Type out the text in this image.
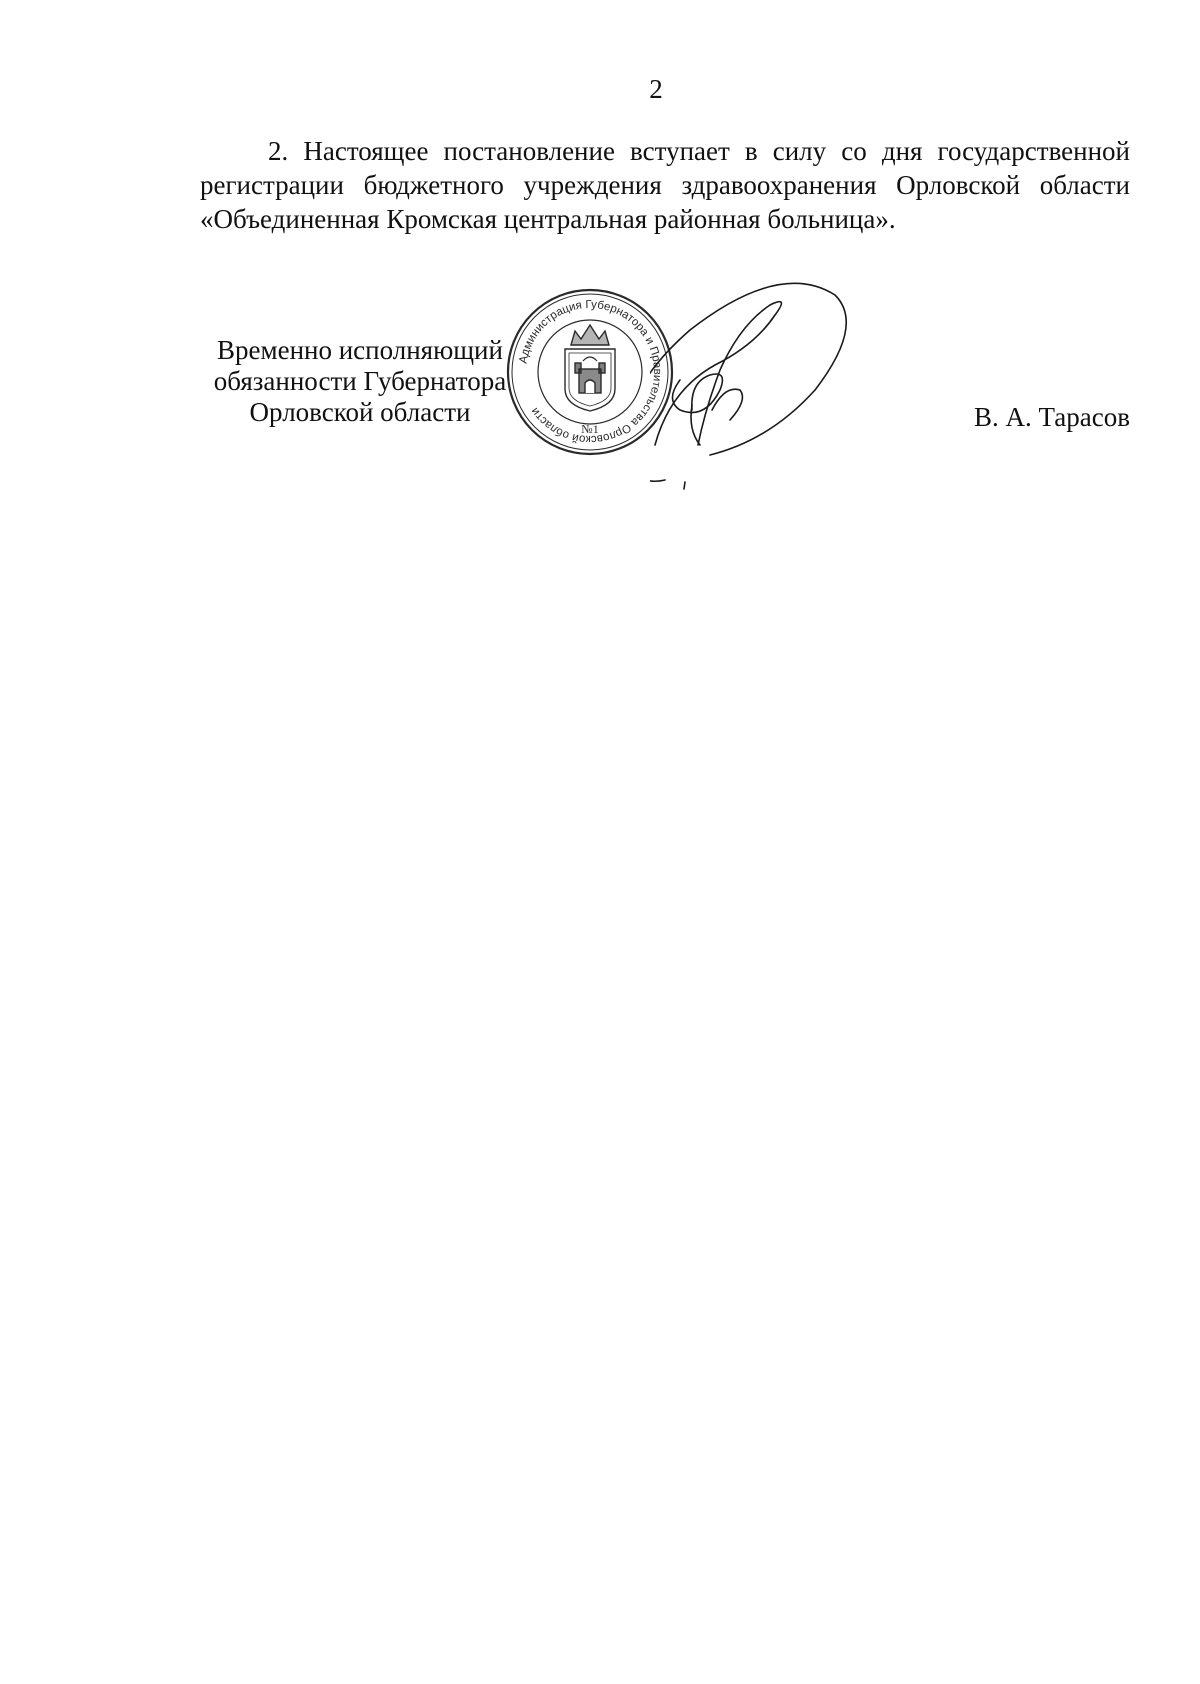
2
2. Настоящее постановление вступает в силу со дня государственной
регистрации бюджетного учреждения здравоохранения Орловской области
«Объединенная Кромская центральная районная больница».
Временно исполняющий
обязанности Губернатора
Орловской области
Администрация Губернатора и Правительства Орловской области
№1	В. А. Тарасов
